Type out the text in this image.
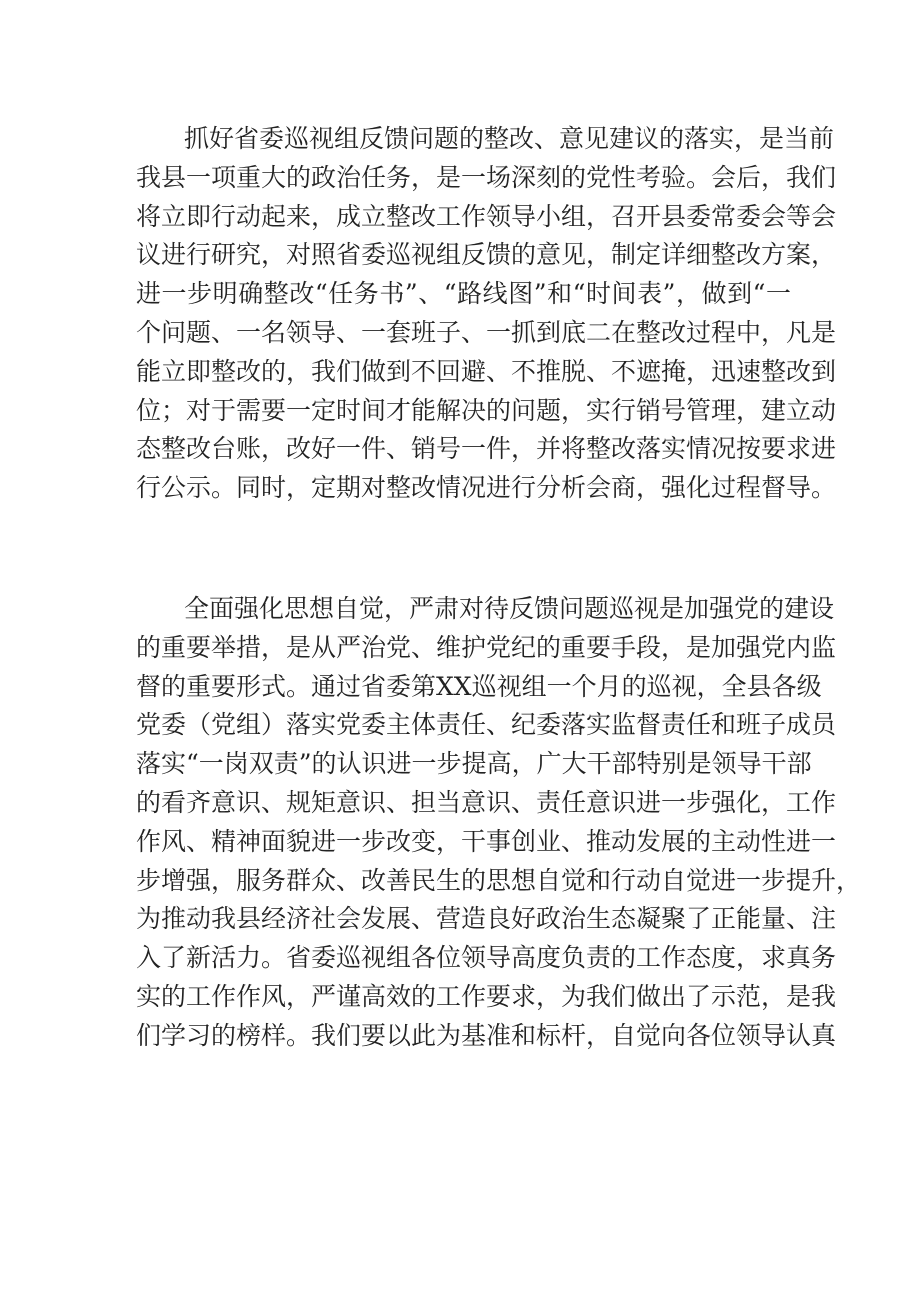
抓好省委巡视组反馈问题的整改、意见建议的落实，是当前
我县一项重大的政治任务，是一场深刻的党性考验。会后，我们
将立即行动起来，成立整改工作领导小组，召开县委常委会等会
议进行研究，对照省委巡视组反馈的意见，制定详细整改方案，
进一步明确整改“任务书”、“路线图”和“时间表”，做到“一
个问题、一名领导、一套班子、一抓到底二在整改过程中，凡是
能立即整改的，我们做到不回避、不推脱、不遮掩，迅速整改到
位；对于需要一定时间才能解决的问题，实行销号管理，建立动
态整改台账，改好一件、销号一件，并将整改落实情况按要求进
行公示。同时，定期对整改情况进行分析会商，强化过程督导。
全面强化思想自觉，严肃对待反馈问题巡视是加强党的建设
的重要举措，是从严治党、维护党纪的重要手段，是加强党内监
督的重要形式。通过省委第XX巡视组一个月的巡视，全县各级
党委（党组）落实党委主体责任、纪委落实监督责任和班子成员
落实“一岗双责”的认识进一步提高，广大干部特别是领导干部
的看齐意识、规矩意识、担当意识、责任意识进一步强化，工作
作风、精神面貌进一步改变，干事创业、推动发展的主动性进一
步增强，服务群众、改善民生的思想自觉和行动自觉进一步提升，
为推动我县经济社会发展、营造良好政治生态凝聚了正能量、注
入了新活力。省委巡视组各位领导高度负责的工作态度，求真务
实的工作作风，严谨高效的工作要求，为我们做出了示范，是我
们学习的榜样。我们要以此为基准和标杆，自觉向各位领导认真
